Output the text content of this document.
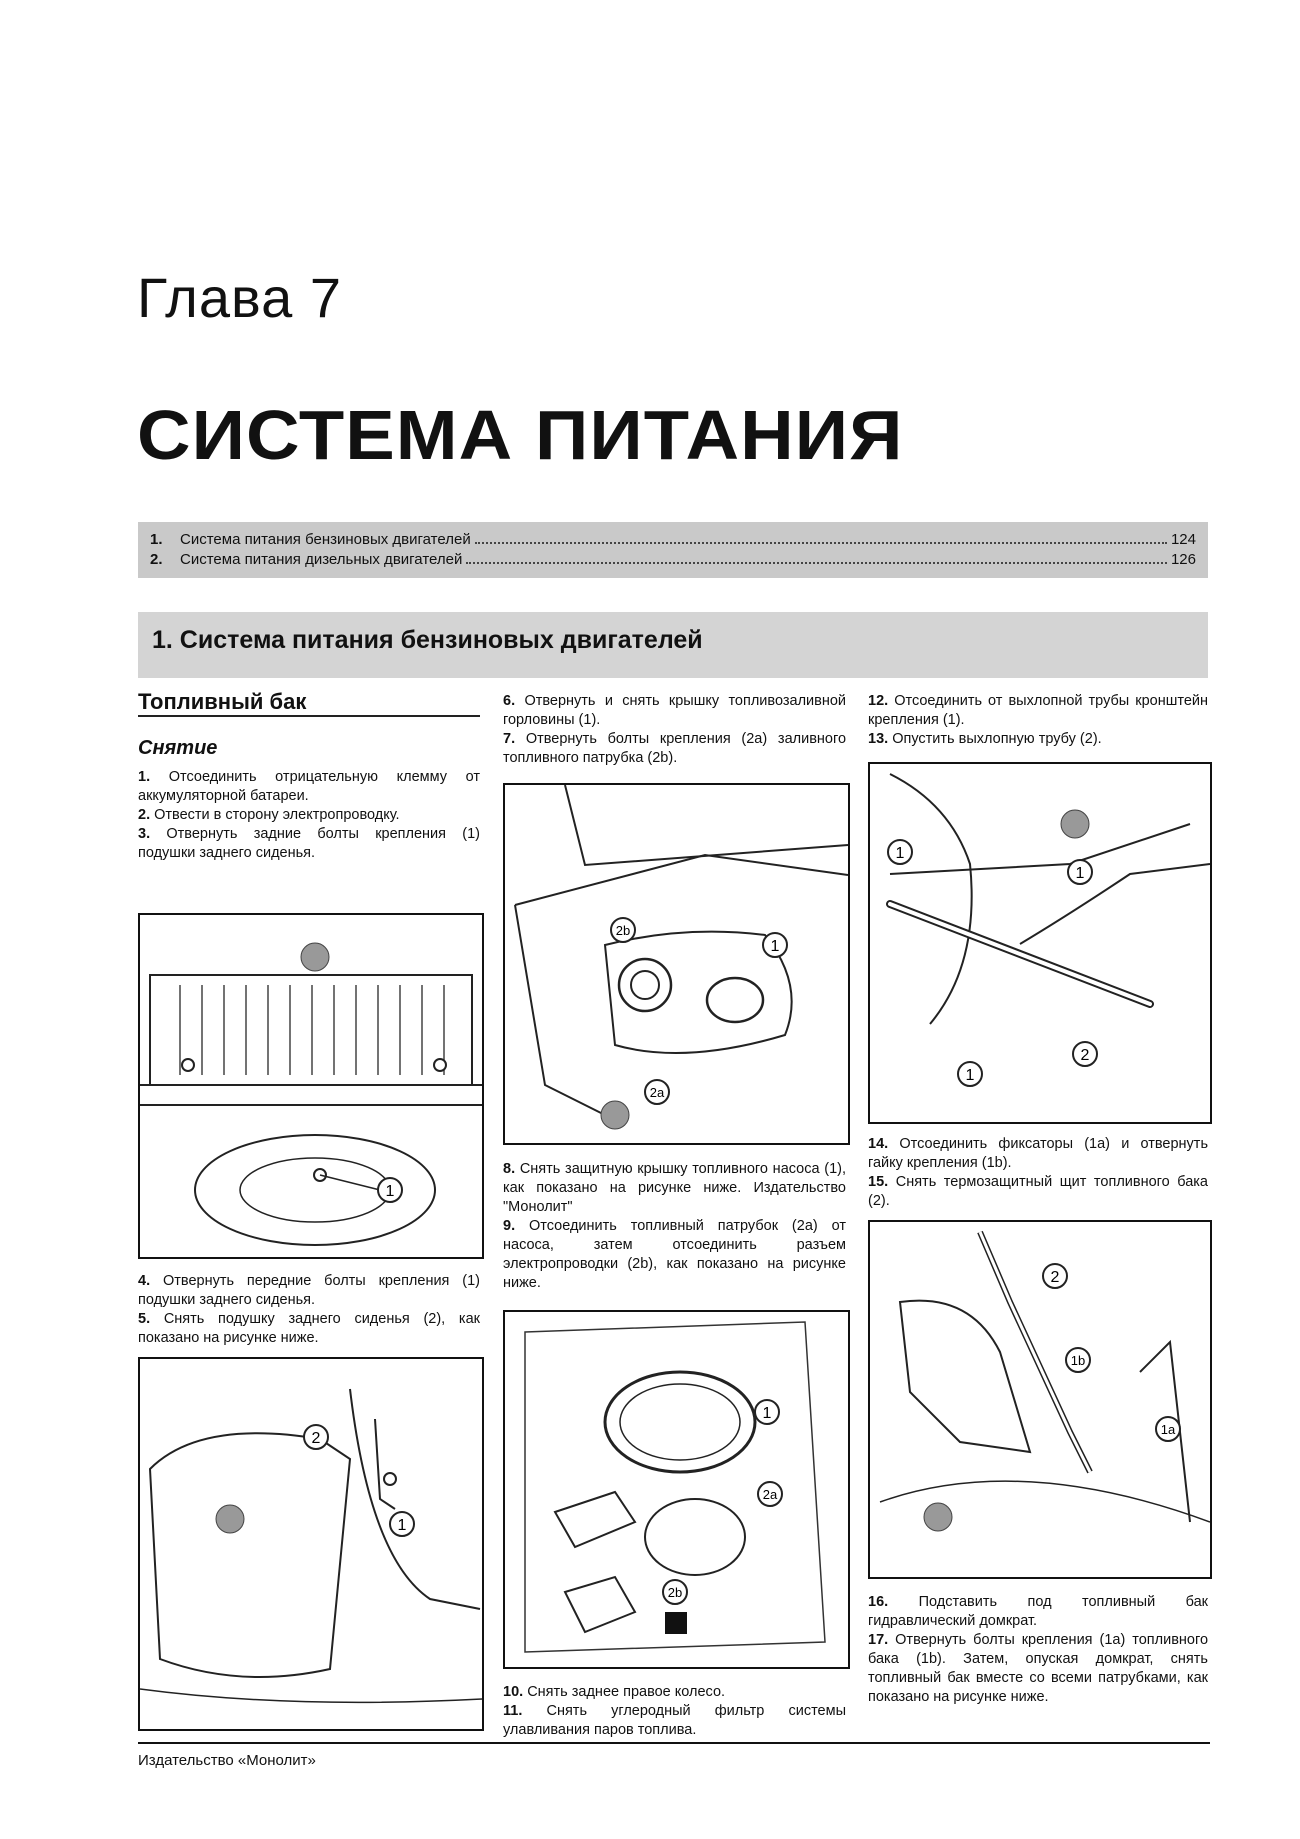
Глава 7
СИСТЕМА ПИТАНИЯ
1.	Система питания бензиновых двигателей	124
2.	Система питания дизельных двигателей	126
1. Система питания бензиновых двигателей
Топливный бак
Снятие

1. Отсоединить отрицательную клемму от аккумуляторной батареи.

2. Отвести в сторону электропроводку.

3. Отвернуть задние болты крепления (1) подушки заднего сиденья.

1

4. Отвернуть передние болты крепления (1) подушки заднего сиденья.

5. Снять подушку заднего сиденья (2), как показано на рисунке ниже.

2
1

6. Отвернуть и снять крышку топливозаливной горловины (1).

7. Отвернуть болты крепления (2a) заливного топливного патрубка (2b).

2b
1
2a

8. Снять защитную крышку топливного насоса (1), как показано на рисунке ниже. Издательство "Монолит"

9. Отсоединить топливный патрубок (2a) от насоса, затем отсоединить разъем электропроводки (2b), как показано на рисунке ниже.

1
2a
2b

10. Снять заднее правое колесо.

11. Снять углеродный фильтр системы улавливания паров топлива.

12. Отсоединить от выхлопной трубы кронштейн крепления (1).

13. Опустить выхлопную трубу (2).

1
1
1
2

14. Отсоединить фиксаторы (1a) и отвернуть гайку крепления (1b).

15. Снять термозащитный щит топливного бака (2).

2
1b
1a

16. Подставить под топливный бак гидравлический домкрат.

17. Отвернуть болты крепления (1a) топливного бака (1b). Затем, опуская домкрат, снять топливный бак вместе со всеми патрубками, как показано на рисунке ниже.

Издательство «Монолит»
